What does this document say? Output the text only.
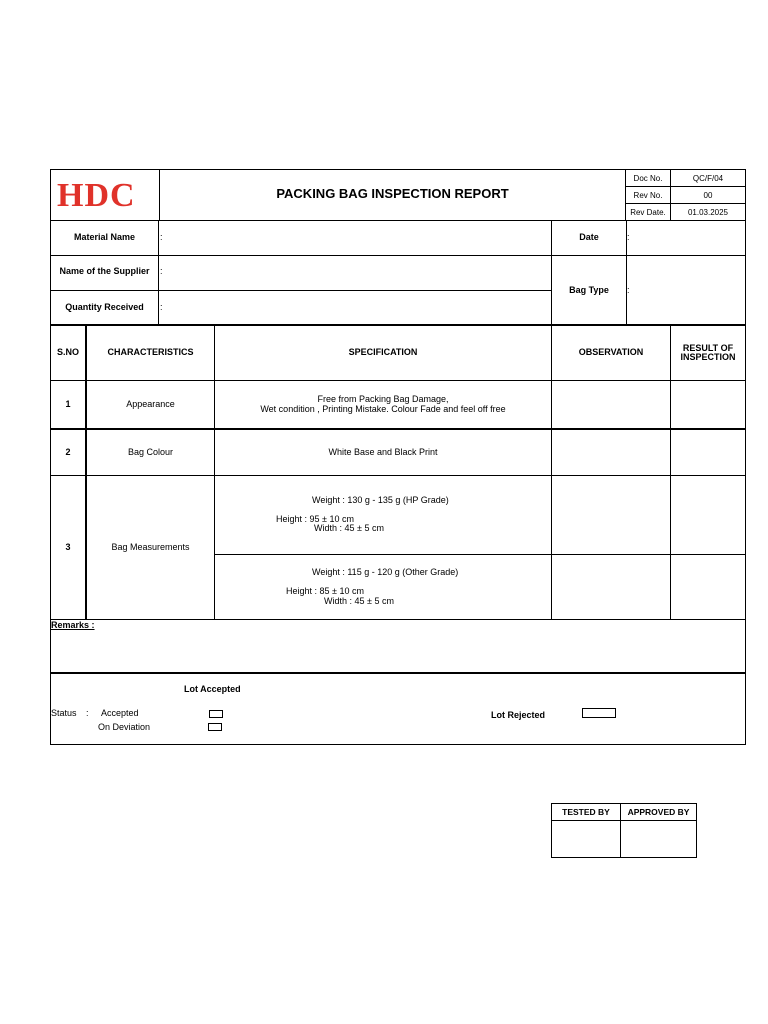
HDC	PACKING BAG INSPECTION REPORT
Doc No.	QC/F/04
Rev No.	00
Rev Date.	01.03.2025
Material Name	:	Date	:
Name of the Supplier	:
Quantity Received	:
Bag Type	:
S.NO	CHARACTERISTICS	SPECIFICATION	OBSERVATION	RESULT OF
INSPECTION
1	Appearance	Free from Packing Bag Damage,
Wet condition , Printing Mistake. Colour Fade and feel off free
2	Bag Colour	White Base and Black Print
3	Bag Measurements
Weight : 130 g - 135 g (HP Grade)
Height : 95 ± 10 cm
Width : 45 ± 5 cm
Weight : 115 g - 120 g (Other Grade)
Height : 85 ± 10 cm
Width : 45 ± 5 cm
Remarks :
Lot Accepted
Status : Accepted
On Deviation
Lot Rejected
TESTED BY	APPROVED BY
